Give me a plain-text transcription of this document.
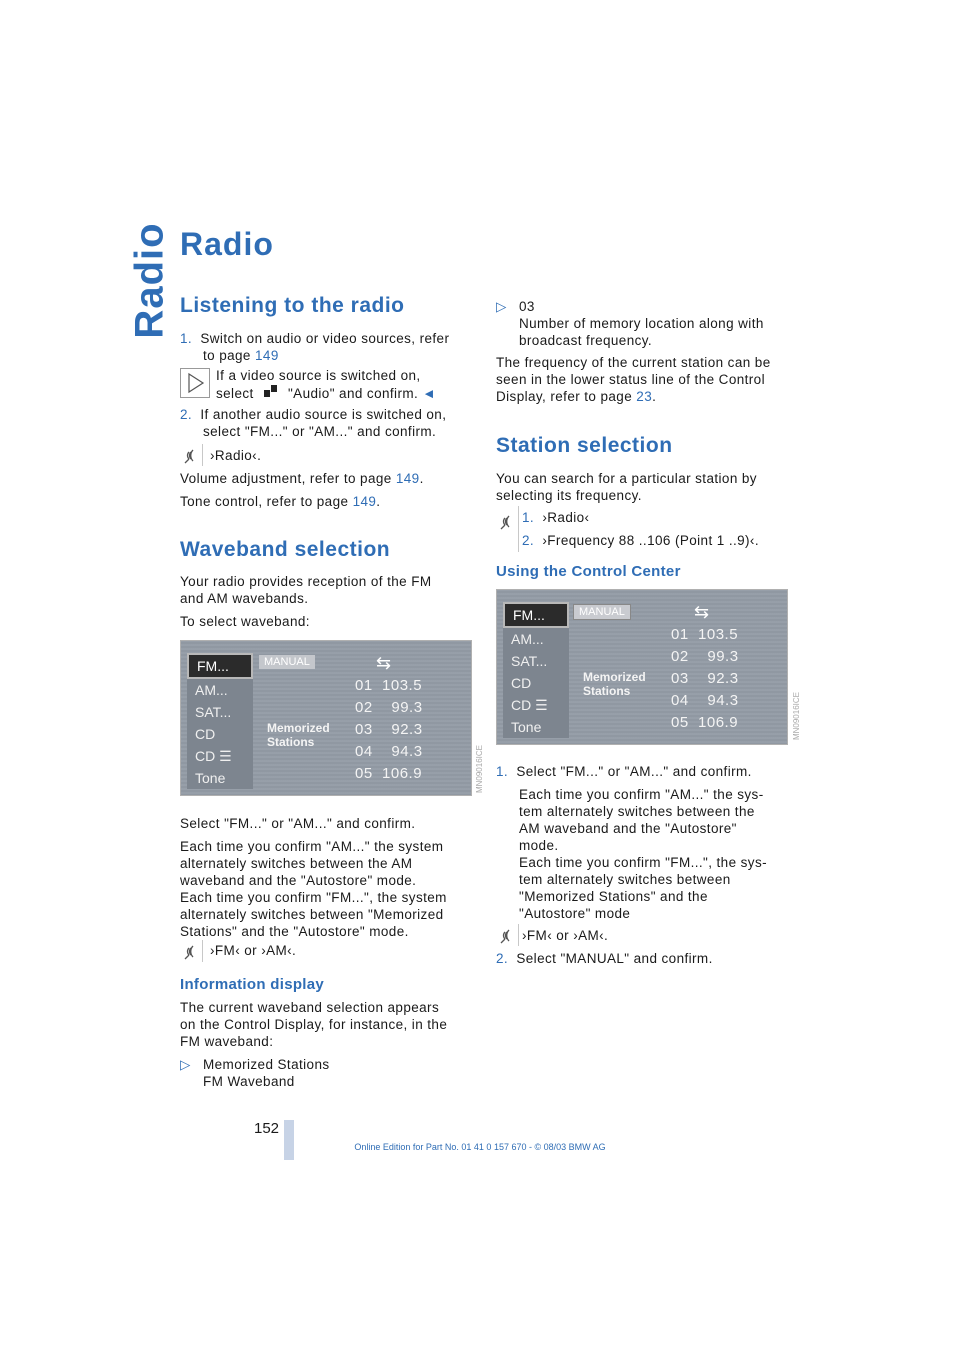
Radio Radio
Listening to the radio
1. Switch on audio or video sources, refer
to page 149
If a video source is switched on,
select	"Audio" and confirm. ◄
2. If another audio source is switched on,
select "FM..." or "AM..." and confirm.
›Radio‹.
Volume adjustment, refer to page 149.
Tone control, refer to page 149.
Waveband selection
Your radio provides reception of the FM
and AM wavebands.
To select waveband:
FM...
AM...
SAT...
CD
CD ☰
Tone
MANUAL	⇆
Memorized
Stations
01  103.5
02    99.3
03    92.3
04    94.3
05  106.9	MN09016ICE
Select "FM..." or "AM..." and confirm.
Each time you confirm "AM..." the system
alternately switches between the AM
waveband and the "Autostore" mode.
Each time you confirm "FM...", the system
alternately switches between "Memorized
Stations" and the "Autostore" mode.
›FM‹ or ›AM‹.
Information display
The current waveband selection appears
on the Control Display, for instance, in the
FM waveband:
▷ Memorized Stations
FM Waveband
▷ 03
Number of memory location along with
broadcast frequency.
The frequency of the current station can be
seen in the lower status line of the Control
Display, refer to page 23.
Station selection
You can search for a particular station by
selecting its frequency.
1. ›Radio‹
2. ›Frequency 88 ..106 (Point 1 ..9)‹.
Using the Control Center
FM...
AM...
SAT...
CD
CD ☰
Tone
MANUAL	⇆
Memorized
Stations
01  103.5
02    99.3
03    92.3
04    94.3
05  106.9	MN09016ICE
1. Select "FM..." or "AM..." and confirm.
Each time you confirm "AM..." the sys-
tem alternately switches between the
AM waveband and the "Autostore"
mode.
Each time you confirm "FM...", the sys-
tem alternately switches between
"Memorized Stations" and the
"Autostore" mode
›FM‹ or ›AM‹.
2. Select "MANUAL" and confirm.
152
Online Edition for Part No. 01 41 0 157 670 - © 08/03 BMW AG
